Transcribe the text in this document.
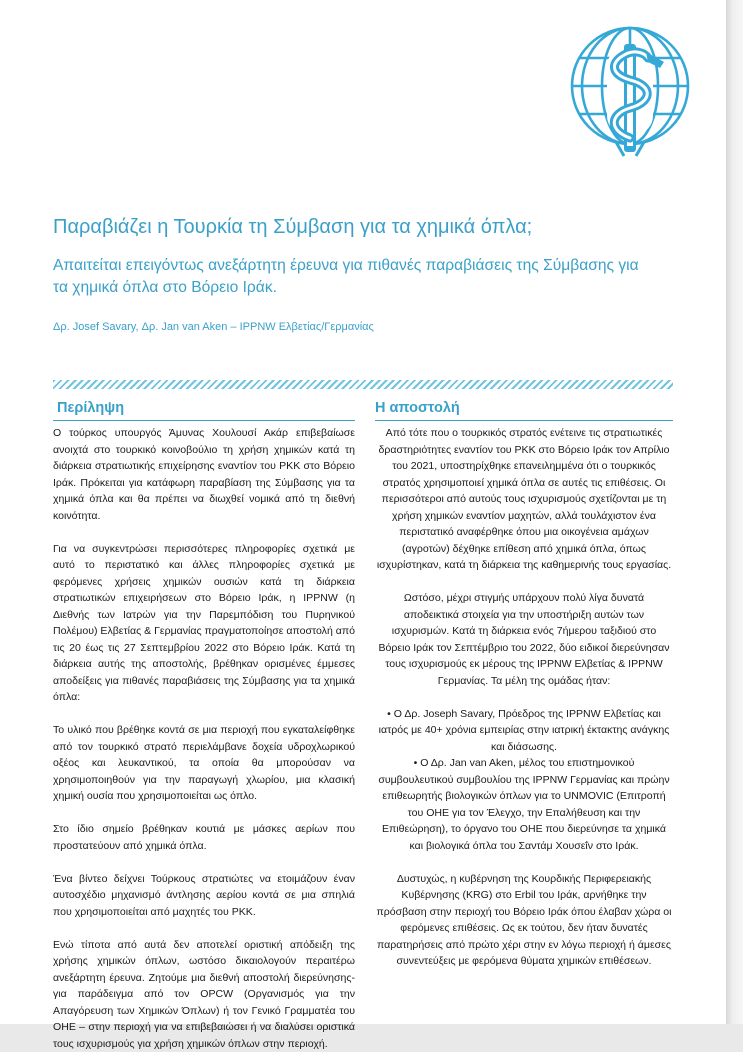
Παραβιάζει η Τουρκία τη Σύμβαση για τα χημικά όπλα;
Απαιτείται επειγόντως ανεξάρτητη έρευνα για πιθανές παραβιάσεις της Σύμβασης για τα χημικά όπλα στο Βόρειο Ιράκ.

Δρ. Josef Savary, Δρ. Jan van Aken – IPPNW Ελβετίας/Γερμανίας

Περίληψη

Ο τούρκος υπουργός Άμυνας Χουλουσί Ακάρ επιβεβαίωσε ανοιχτά στο τουρκικό κοινοβούλιο τη χρήση χημικών κατά τη διάρκεια στρατιωτικής επιχείρησης εναντίον του PKK στο Βόρειο Ιράκ. Πρόκειται για κατάφωρη παραβίαση της Σύμβασης για τα χημικά όπλα και θα πρέπει να διωχθεί νομικά από τη διεθνή κοινότητα.

Για να συγκεντρώσει περισσότερες πληροφορίες σχετικά με αυτό το περιστατικό και άλλες πληροφορίες σχετικά με φερόμενες χρήσεις χημικών ουσιών κατά τη διάρκεια στρατιωτικών επιχειρήσεων στο Βόρειο Ιράκ, η IPPNW (η Διεθνής των Ιατρών για την Παρεμπόδιση του Πυρηνικού Πολέμου) Ελβετίας & Γερμανίας πραγματοποίησε αποστολή από τις 20 έως τις 27 Σεπτεμβρίου 2022 στο Βόρειο Ιράκ. Κατά τη διάρκεια αυτής της αποστολής, βρέθηκαν ορισμένες έμμεσες αποδείξεις για πιθανές παραβιάσεις της Σύμβασης για τα χημικά όπλα:

Το υλικό που βρέθηκε κοντά σε μια περιοχή που εγκαταλείφθηκε από τον τουρκικό στρατό περιελάμβανε δοχεία υδροχλωρικού οξέος και λευκαντικού, τα οποία θα μπορούσαν να χρησιμοποιηθούν για την παραγωγή χλωρίου, μια κλασική χημική ουσία που χρησιμοποιείται ως όπλο.

Στο ίδιο σημείο βρέθηκαν κουτιά με μάσκες αερίων που προστατεύουν από χημικά όπλα.

Ένα βίντεο δείχνει Τούρκους στρατιώτες να ετοιμάζουν έναν αυτοσχέδιο μηχανισμό άντλησης αερίου κοντά σε μια σπηλιά που χρησιμοποιείται από μαχητές του PKK.

Ενώ τίποτα από αυτά δεν αποτελεί οριστική απόδειξη της χρήσης χημικών όπλων, ωστόσο δικαιολογούν περαιτέρω ανεξάρτητη έρευνα. Ζητούμε μια διεθνή αποστολή διερεύνησης-για παράδειγμα από τον OPCW (Οργανισμός για την Απαγόρευση των Χημικών Όπλων) ή τον Γενικό Γραμματέα του ΟΗΕ – στην περιοχή για να επιβεβαιώσει ή να διαλύσει οριστικά τους ισχυρισμούς για χρήση χημικών όπλων στην περιοχή.

Η αποστολή

Από τότε που ο τουρκικός στρατός ενέτεινε τις στρατιωτικές δραστηριότητες εναντίον του PKK στο Βόρειο Ιράκ τον Απρίλιο του 2021, υποστηρίχθηκε επανειλημμένα ότι ο τουρκικός στρατός χρησιμοποιεί χημικά όπλα σε αυτές τις επιθέσεις. Οι περισσότεροι από αυτούς τους ισχυρισμούς σχετίζονται με τη χρήση χημικών εναντίον μαχητών, αλλά τουλάχιστον ένα περιστατικό αναφέρθηκε όπου μια οικογένεια αμάχων (αγροτών) δέχθηκε επίθεση από χημικά όπλα, όπως ισχυρίστηκαν, κατά τη διάρκεια της καθημερινής τους εργασίας.

Ωστόσο, μέχρι στιγμής υπάρχουν πολύ λίγα δυνατά αποδεικτικά στοιχεία για την υποστήριξη αυτών των ισχυρισμών. Κατά τη διάρκεια ενός 7ήμερου ταξιδιού στο Βόρειο Ιράκ τον Σεπτέμβριο του 2022, δύο ειδικοί διερεύνησαν τους ισχυρισμούς εκ μέρους της IPPNW Ελβετίας & IPPNW Γερμανίας. Τα μέλη της ομάδας ήταν:

• Ο Δρ. Joseph Savary, Πρόεδρος της IPPNW Ελβετίας και ιατρός με 40+ χρόνια εμπειρίας στην ιατρική έκτακτης ανάγκης και διάσωσης.

• Ο Δρ. Jan van Aken, μέλος του επιστημονικού συμβουλευτικού συμβουλίου της IPPNW Γερμανίας και πρώην επιθεωρητής βιολογικών όπλων για το UNMOVIC (Επιτροπή του ΟΗΕ για τον Έλεγχο, την Επαλήθευση και την Επιθεώρηση), το όργανο του ΟΗΕ που διερεύνησε τα χημικά και βιολογικά όπλα του Σαντάμ Χουσεΐν στο Ιράκ.

Δυστυχώς, η κυβέρνηση της Κουρδικής Περιφερειακής Κυβέρνησης (KRG) στο Erbil του Ιράκ, αρνήθηκε την πρόσβαση στην περιοχή του Βόρειο Ιράκ όπου έλαβαν χώρα οι φερόμενες επιθέσεις. Ως εκ τούτου, δεν ήταν δυνατές παρατηρήσεις από πρώτο χέρι στην εν λόγω περιοχή ή άμεσες συνεντεύξεις με φερόμενα θύματα χημικών επιθέσεων.
